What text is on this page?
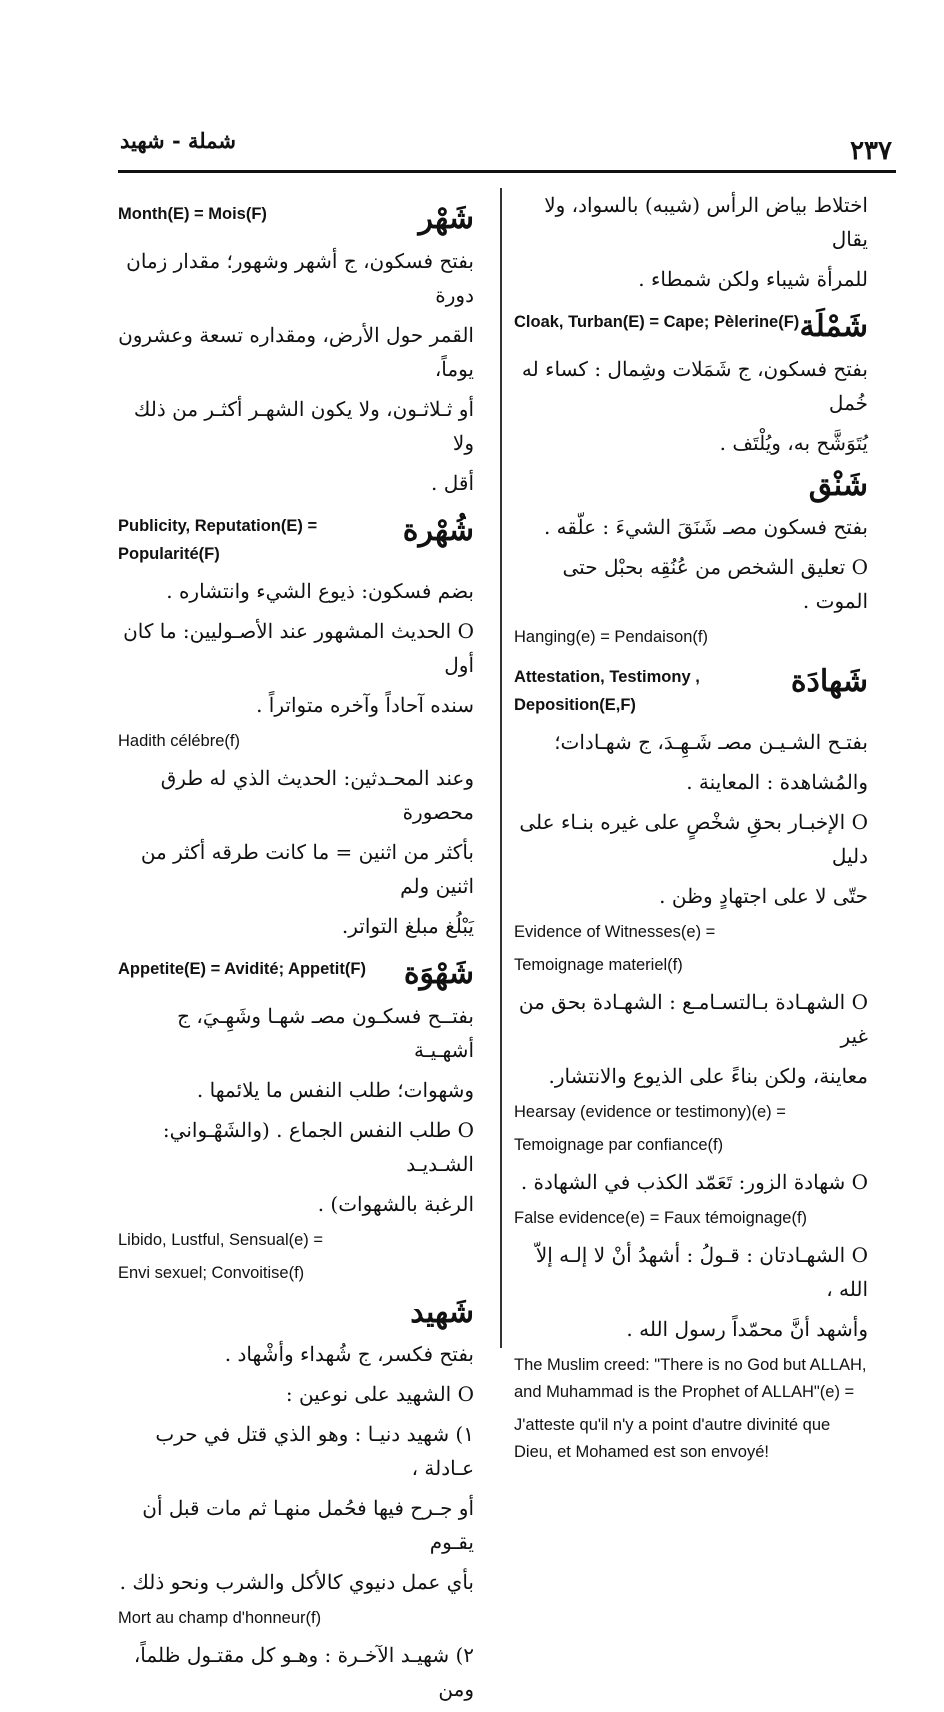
٢٣٧
شملة - شهيد
اختلاط بياض الرأس (شيبه) بالسواد، ولا يقال
للمرأة شيباء ولكن شمطاء .
شَمْلَة
Cloak, Turban(E) = Cape; Pèlerine(F)
بفتح فسكون، ج شَمَلات وشِمال : كساء له خُمل
يُتَوَشَّح به، ويُلْتَف .
شَنْق
بفتح فسكون مصـ شَنَقَ الشيءَ : علّقه .
O تعليق الشخص من عُنُقِه بحبْل حتى الموت .
Hanging(e) = Pendaison(f)
شَهادَة
Attestation, Testimony , Deposition(E,F)
بفتـح الشـيـن مصـ شَـهِـدَ، ج شهـادات؛
والمُشاهدة : المعاينة .
O الإخبـار بحقِ شخْصٍ على غيره بنـاء على دليل
حتّى لا على اجتهادٍ وظن .
Evidence of Witnesses(e) =
Temoignage materiel(f)
O الشهـادة بـالتسـامـع : الشهـادة بحق من غير
معاينة، ولكن بناءً على الذيوع والانتشار.
Hearsay (evidence or testimony)(e) =
Temoignage par confiance(f)
O شهادة الزور: تَعَمّد الكذب في الشهادة .
False evidence(e) = Faux témoignage(f)
O الشهـادتان : قـولُ : أشهدُ أنْ لا إلـه إلاّ الله ،
وأشهد أنَّ محمّداً رسول الله .
The Muslim creed: "There is no God but ALLAH, and Muhammad is the Prophet of ALLAH"(e) =
J'atteste qu'il n'y a point d'autre divinité que Dieu, et Mohamed est son envoyé!
شَهْر
Month(E) = Mois(F)
بفتح فسكون، ج أشهر وشهور؛ مقدار زمان دورة
القمر حول الأرض، ومقداره تسعة وعشرون يوماً،
أو ثـلاثـون، ولا يكون الشهـر أكثـر من ذلك ولا
أقل .
شُهْرة
Publicity, Reputation(E) = Popularité(F)
بضم فسكون: ذيوع الشيء وانتشاره .
O الحديث المشهور عند الأصـوليين: ما كان أول
سنده آحاداً وآخره متواتراً .
Hadith célébre(f)
وعند المحـدثين: الحديث الذي له طرق محصورة
بأكثر من اثنين = ما كانت طرقه أكثر من اثنين ولم
يَبْلُغ مبلغ التواتر.
شَهْوَة
Appetite(E) = Avidité; Appetit(F)
بفتــح فسكـون مصـ شهـا وشَهِـيَ، ج أشهـيـة
وشهوات؛ طلب النفس ما يلائمها .
O طلب النفس الجماع . (والشَهْـواني: الشـديـد
الرغبة بالشهوات) .
Libido, Lustful, Sensual(e) =
Envi sexuel; Convoitise(f)
شَهيد
بفتح فكسر، ج شُهداء وأشْهاد .
O الشهيد على نوعين :
١) شهيد دنيـا : وهو الذي قتل في حرب عـادلة ،
أو جـرح فيها فحُمل منهـا ثم مات قبل أن يقـوم
بأي عمل دنيوي كالأكل والشرب ونحو ذلك .
Mort au champ d'honneur(f)
٢) شهيـد الآخـرة : وهـو كل مقتـول ظلماً، ومن
